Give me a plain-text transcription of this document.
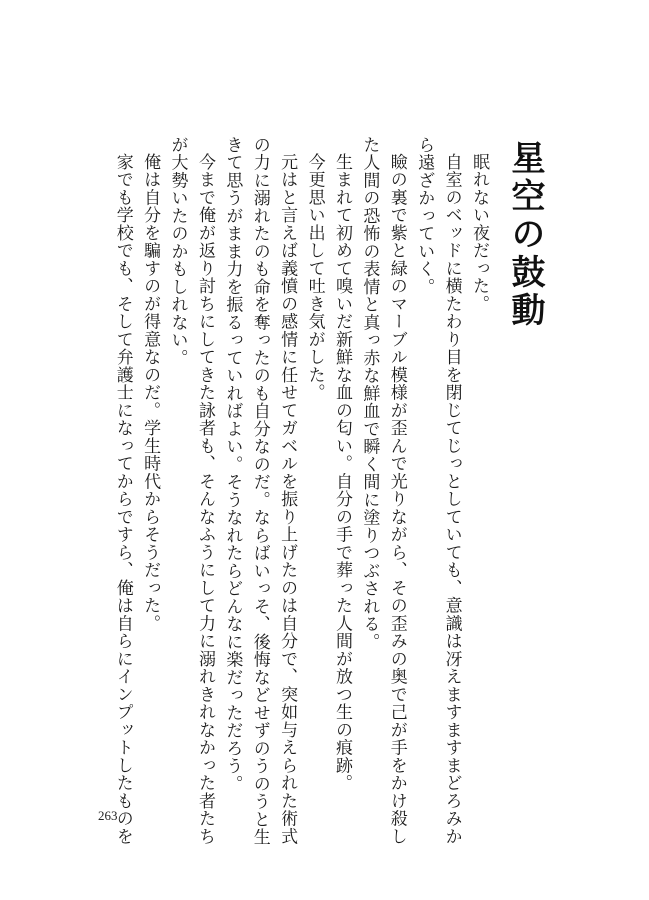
星空の鼓動

眠れない夜だった。

自室のベッドに横たわり目を閉じてじっとしていても、意識は冴えますますまどろみか
ら遠ざかっていく。

瞼の裏で紫と緑のマーブル模様が歪んで光りながら、その歪みの奥で己が手をかけ殺し
た人間の恐怖の表情と真っ赤な鮮血で瞬く間に塗りつぶされる。

生まれて初めて嗅いだ新鮮な血の匂い。自分の手で葬った人間が放つ生の痕跡。

今更思い出して吐き気がした。

元はと言えば義憤の感情に任せてガベルを振り上げたのは自分で、突如与えられた術式
の力に溺れたのも命を奪ったのも自分なのだ。ならばいっそ、後悔などせずのうのうと生
きて思うがまま力を振るっていればよい。そうなれたらどんなに楽だっただろう。

今まで俺が返り討ちにしてきた詠者も、そんなふうにして力に溺れきれなかった者たち
が大勢いたのかもしれない。

俺は自分を騙すのが得意なのだ。学生時代からそうだった。

家でも学校でも、そして弁護士になってからですら、俺は自らにインプットしたものを

263
